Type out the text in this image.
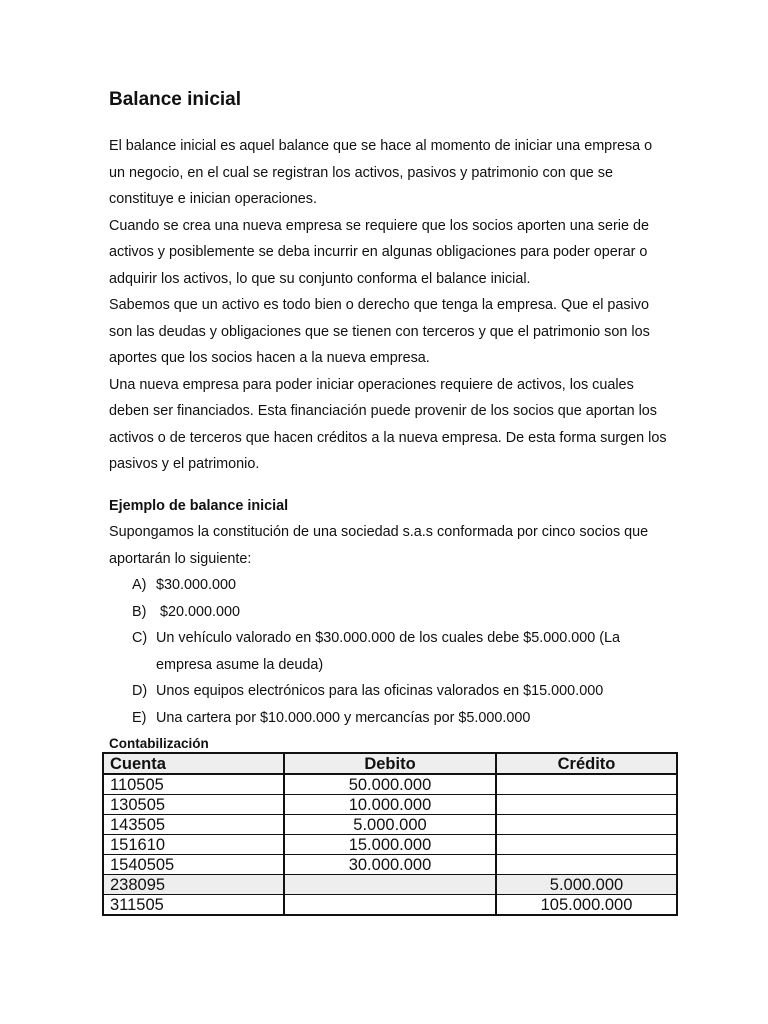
Balance inicial

El balance inicial es aquel balance que se hace al momento de iniciar una empresa o un negocio, en el cual se registran los activos, pasivos y patrimonio con que se constituye e inician operaciones.

Cuando se crea una nueva empresa se requiere que los socios aporten una serie de activos y posiblemente se deba incurrir en algunas obligaciones para poder operar o adquirir los activos, lo que su conjunto conforma el balance inicial.

Sabemos que un activo es todo bien o derecho que tenga la empresa. Que el pasivo son las deudas y obligaciones que se tienen con terceros y que el patrimonio son los aportes que los socios hacen a la nueva empresa.

Una nueva empresa para poder iniciar operaciones requiere de activos, los cuales deben ser financiados. Esta financiación puede provenir de los socios que aportan los activos o de terceros que hacen créditos a la nueva empresa. De esta forma surgen los pasivos y el patrimonio.

Ejemplo de balance inicial

Supongamos la constitución de una sociedad s.a.s conformada por cinco socios que aportarán lo siguiente:

A) $30.000.000
B) $20.000.000
C) Un vehículo valorado en $30.000.000 de los cuales debe $5.000.000 (La empresa asume la deuda)
D) Unos equipos electrónicos para las oficinas valorados en $15.000.000
E) Una cartera por $10.000.000 y mercancías por $5.000.000
Contabilización
Cuenta	Debito	Crédito
110505	50.000.000	
130505	10.000.000	
143505	5.000.000	
151610	15.000.000	
1540505	30.000.000	
238095		5.000.000
311505		105.000.000
